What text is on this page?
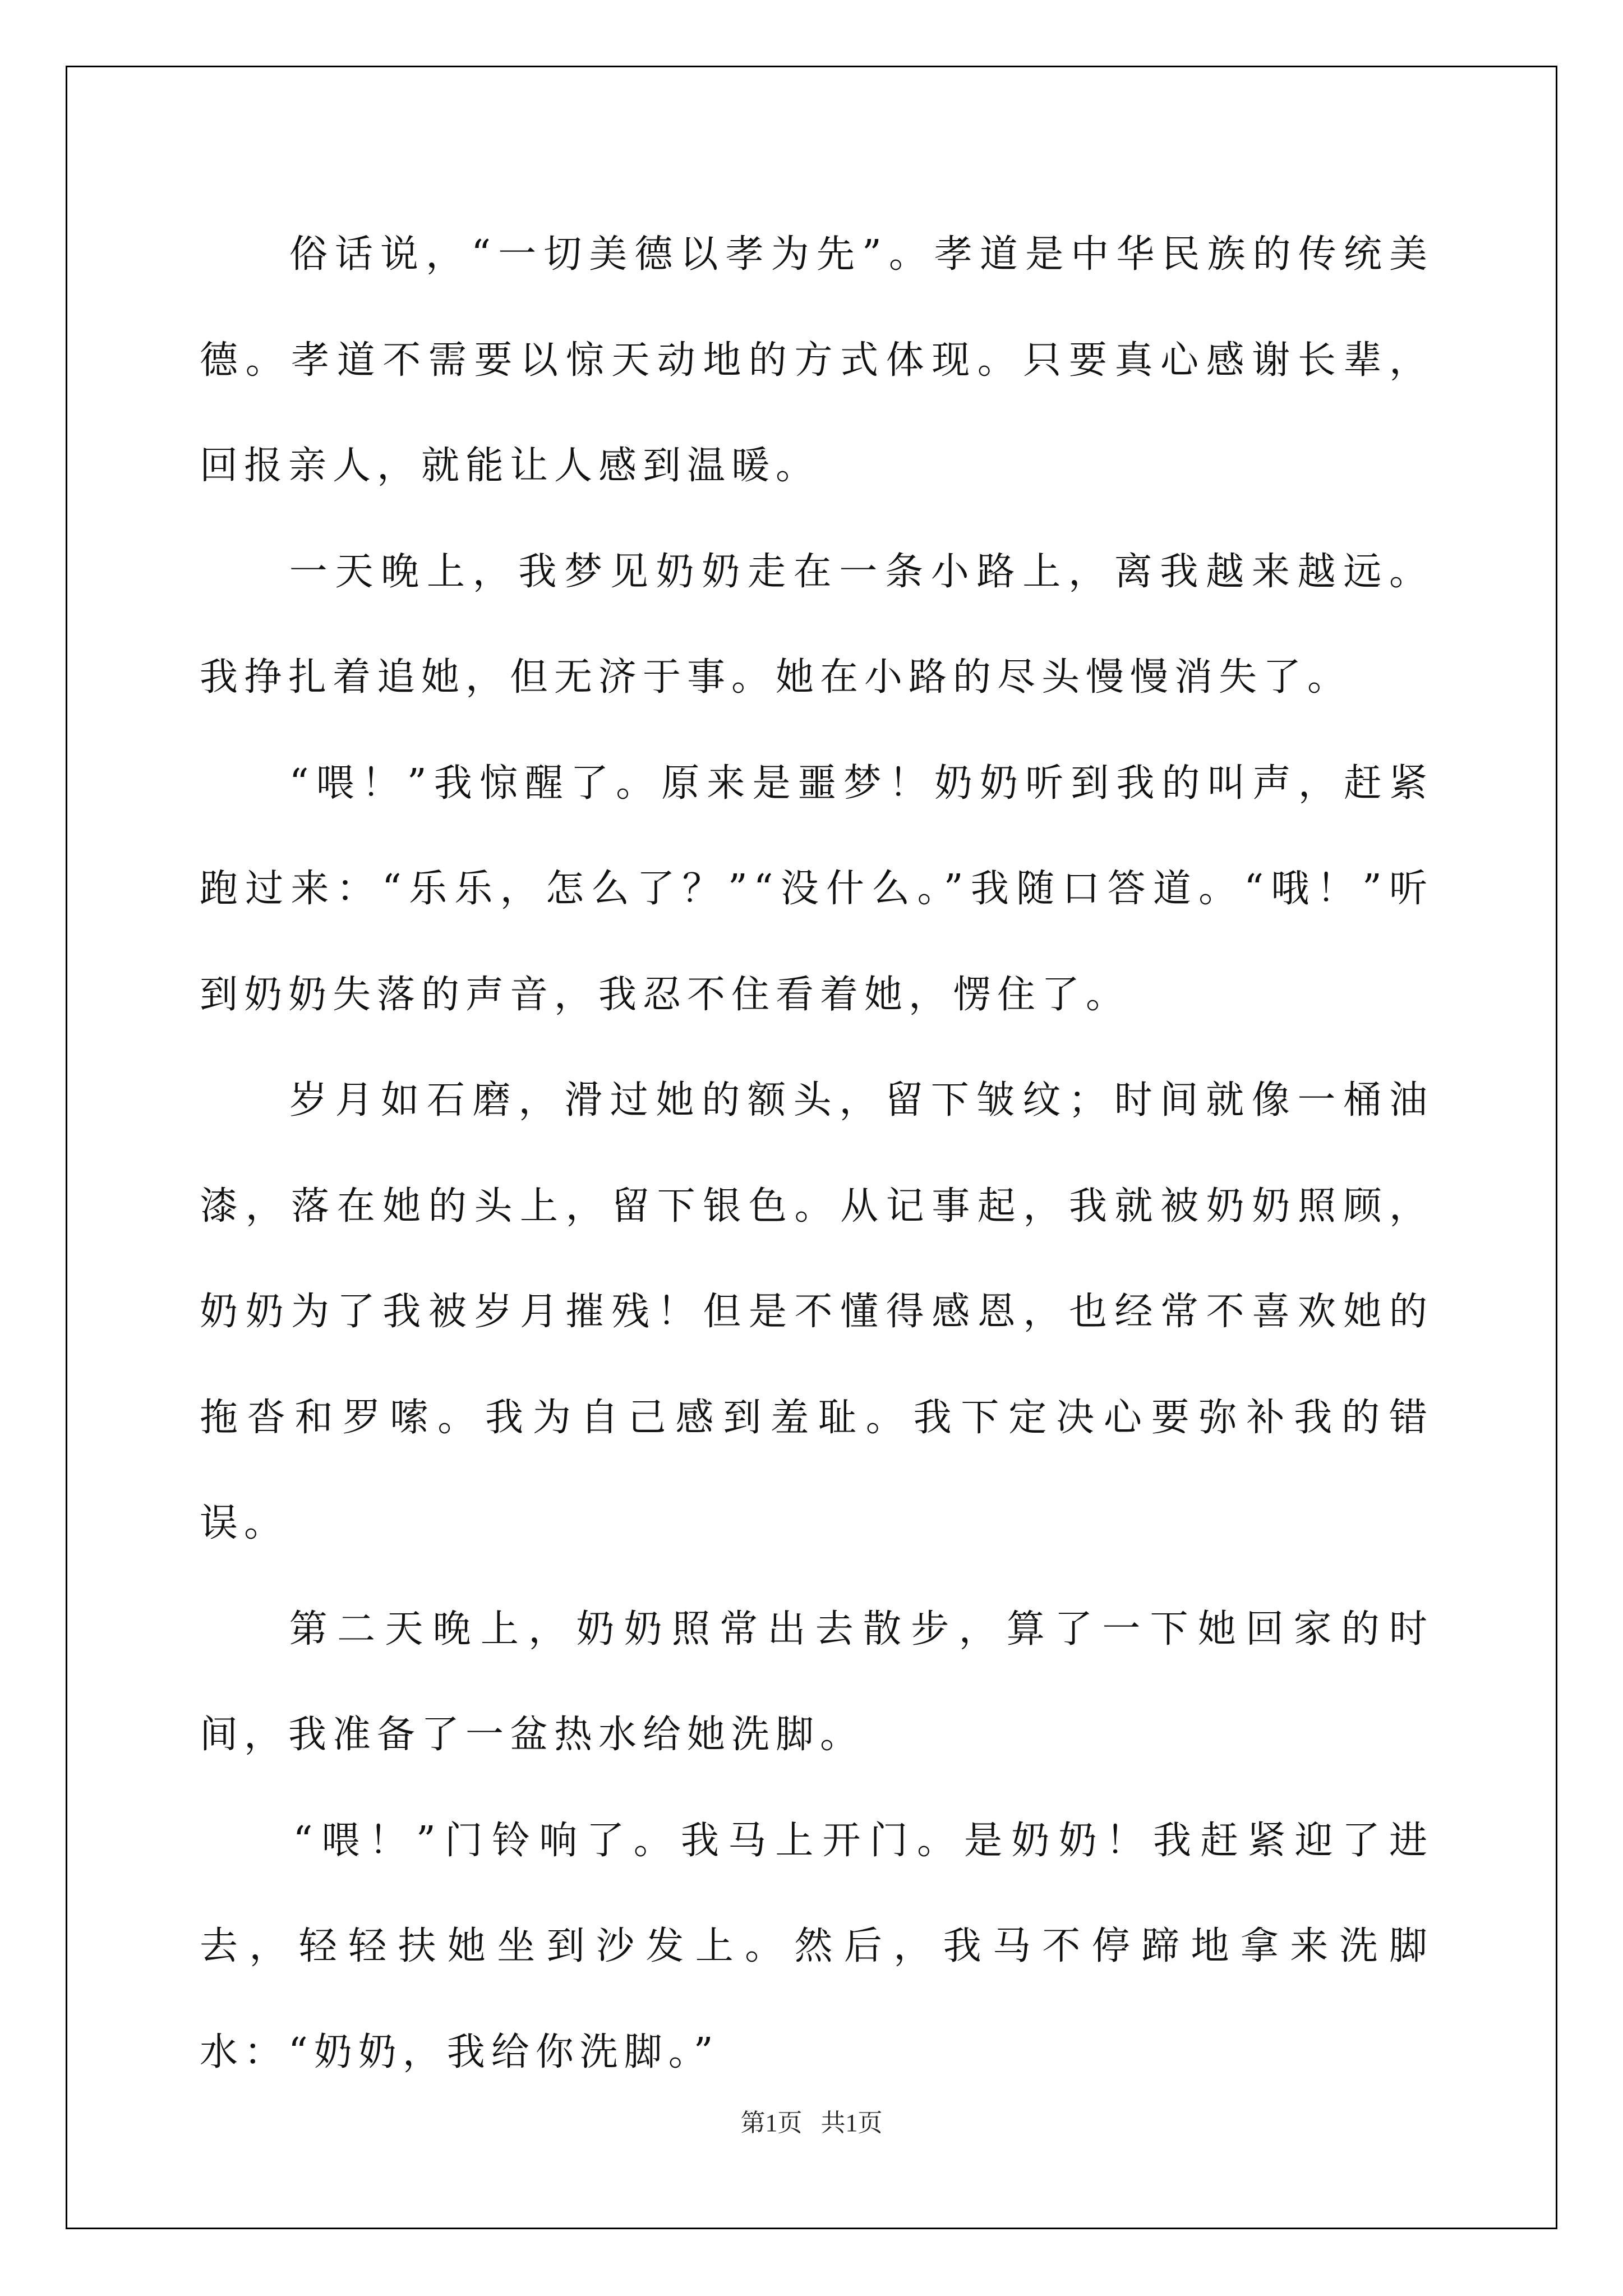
俗话说，“一切美德以孝为先”。孝道是中华民族的传统美德。孝道不需要以惊天动地的方式体现。只要真心感谢长辈，回报亲人，就能让人感到温暖。

一天晚上，我梦见奶奶走在一条小路上，离我越来越远。我挣扎着追她，但无济于事。她在小路的尽头慢慢消失了。

“喂！”我惊醒了。原来是噩梦！奶奶听到我的叫声，赶紧跑过来：“乐乐，怎么了？”“没什么。”我随口答道。“哦！”听到奶奶失落的声音，我忍不住看着她，愣住了。

岁月如石磨，滑过她的额头，留下皱纹；时间就像一桶油漆，落在她的头上，留下银色。从记事起，我就被奶奶照顾，奶奶为了我被岁月摧残！但是不懂得感恩，也经常不喜欢她的拖沓和罗嗦。我为自己感到羞耻。我下定决心要弥补我的错误。

第二天晚上，奶奶照常出去散步，算了一下她回家的时间，我准备了一盆热水给她洗脚。

“喂！”门铃响了。我马上开门。是奶奶！我赶紧迎了进去，轻轻扶她坐到沙发上。然后，我马不停蹄地拿来洗脚水：“奶奶，我给你洗脚。”

第1页   共1页
